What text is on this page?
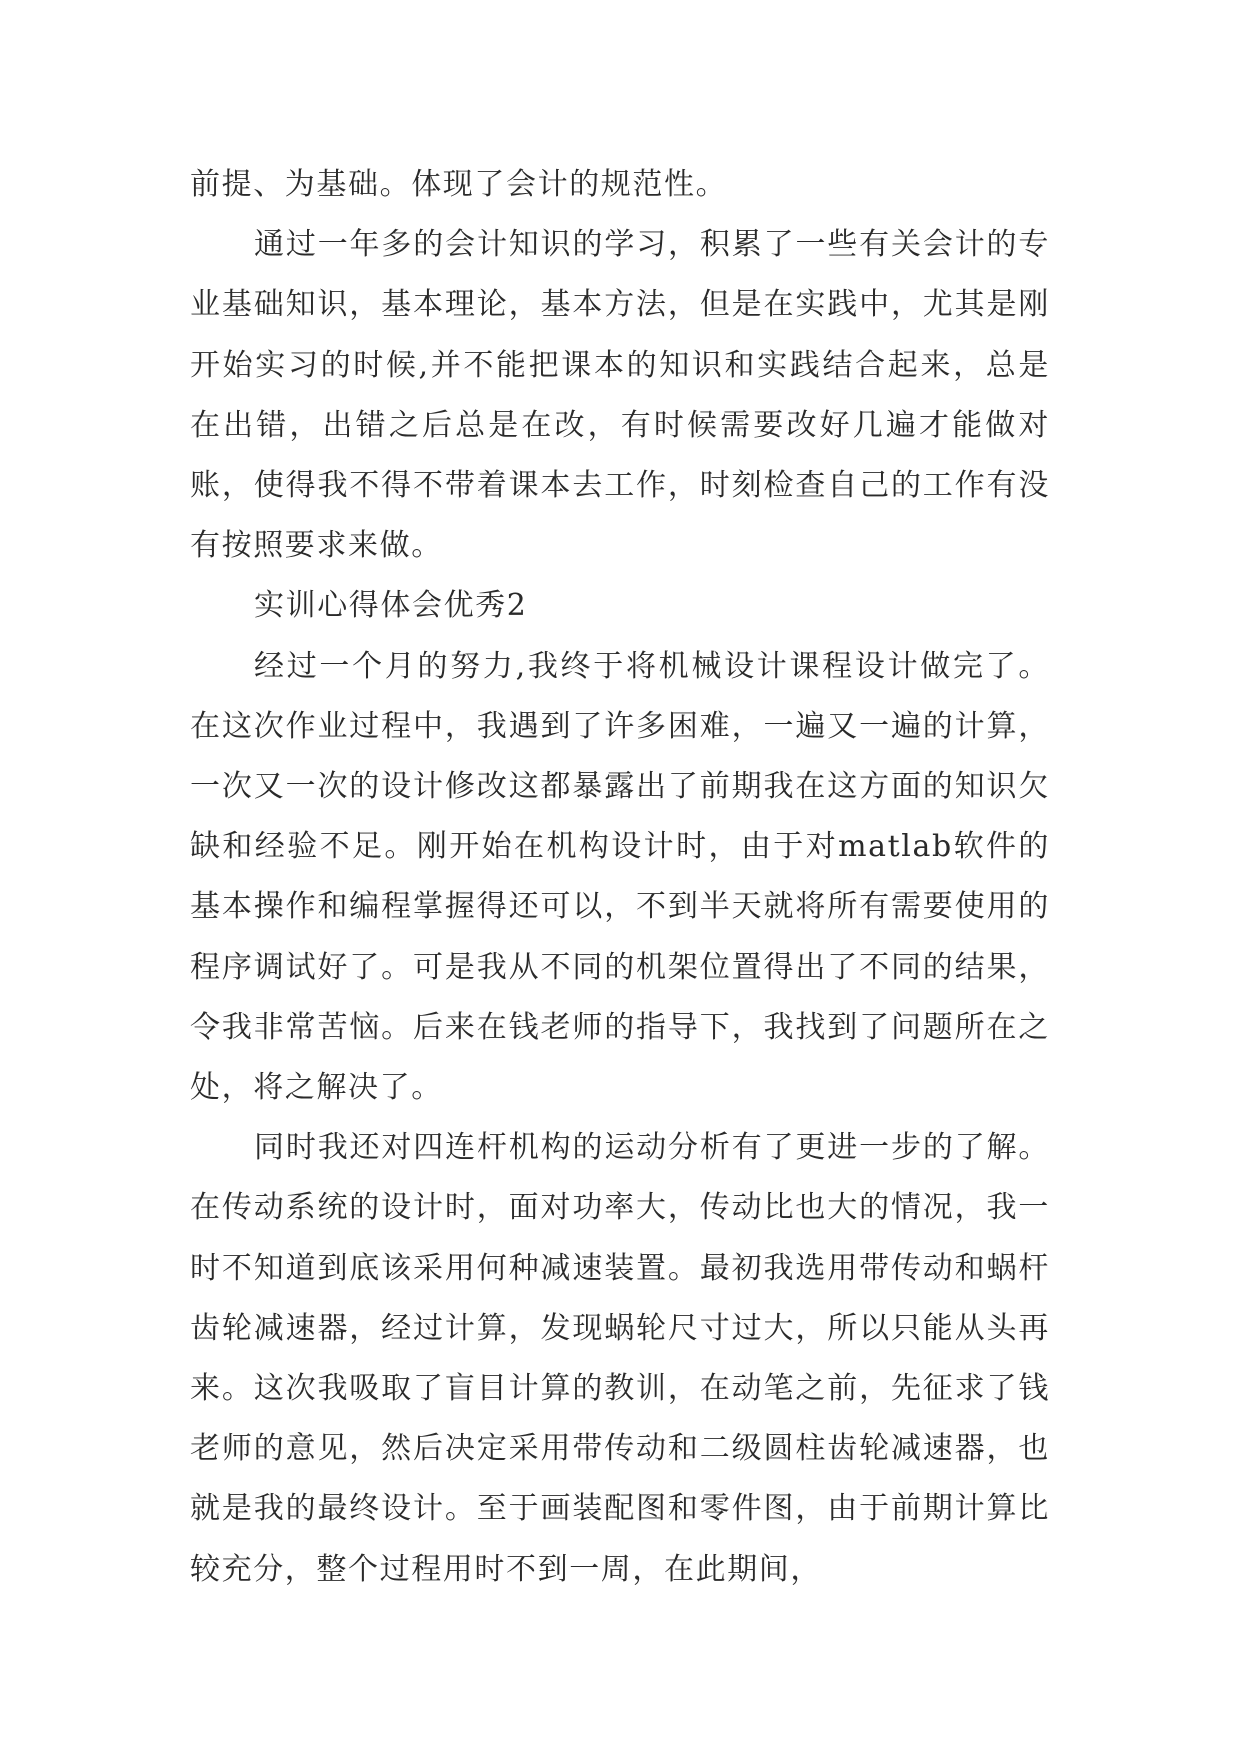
前提、为基础。体现了会计的规范性。

通过一年多的会计知识的学习，积累了一些有关会计的专业基础知识，基本理论，基本方法，但是在实践中，尤其是刚开始实习的时候,并不能把课本的知识和实践结合起来，总是在出错，出错之后总是在改，有时候需要改好几遍才能做对账，使得我不得不带着课本去工作，时刻检查自己的工作有没有按照要求来做。

实训心得体会优秀2

经过一个月的努力,我终于将机械设计课程设计做完了。在这次作业过程中，我遇到了许多困难，一遍又一遍的计算，一次又一次的设计修改这都暴露出了前期我在这方面的知识欠缺和经验不足。刚开始在机构设计时，由于对matlab软件的基本操作和编程掌握得还可以，不到半天就将所有需要使用的程序调试好了。可是我从不同的机架位置得出了不同的结果，令我非常苦恼。后来在钱老师的指导下，我找到了问题所在之处，将之解决了。

同时我还对四连杆机构的运动分析有了更进一步的了解。在传动系统的设计时，面对功率大，传动比也大的情况，我一时不知道到底该采用何种减速装置。最初我选用带传动和蜗杆齿轮减速器，经过计算，发现蜗轮尺寸过大，所以只能从头再来。这次我吸取了盲目计算的教训，在动笔之前，先征求了钱老师的意见，然后决定采用带传动和二级圆柱齿轮减速器，也就是我的最终设计。至于画装配图和零件图，由于前期计算比较充分，整个过程用时不到一周，在此期间，
